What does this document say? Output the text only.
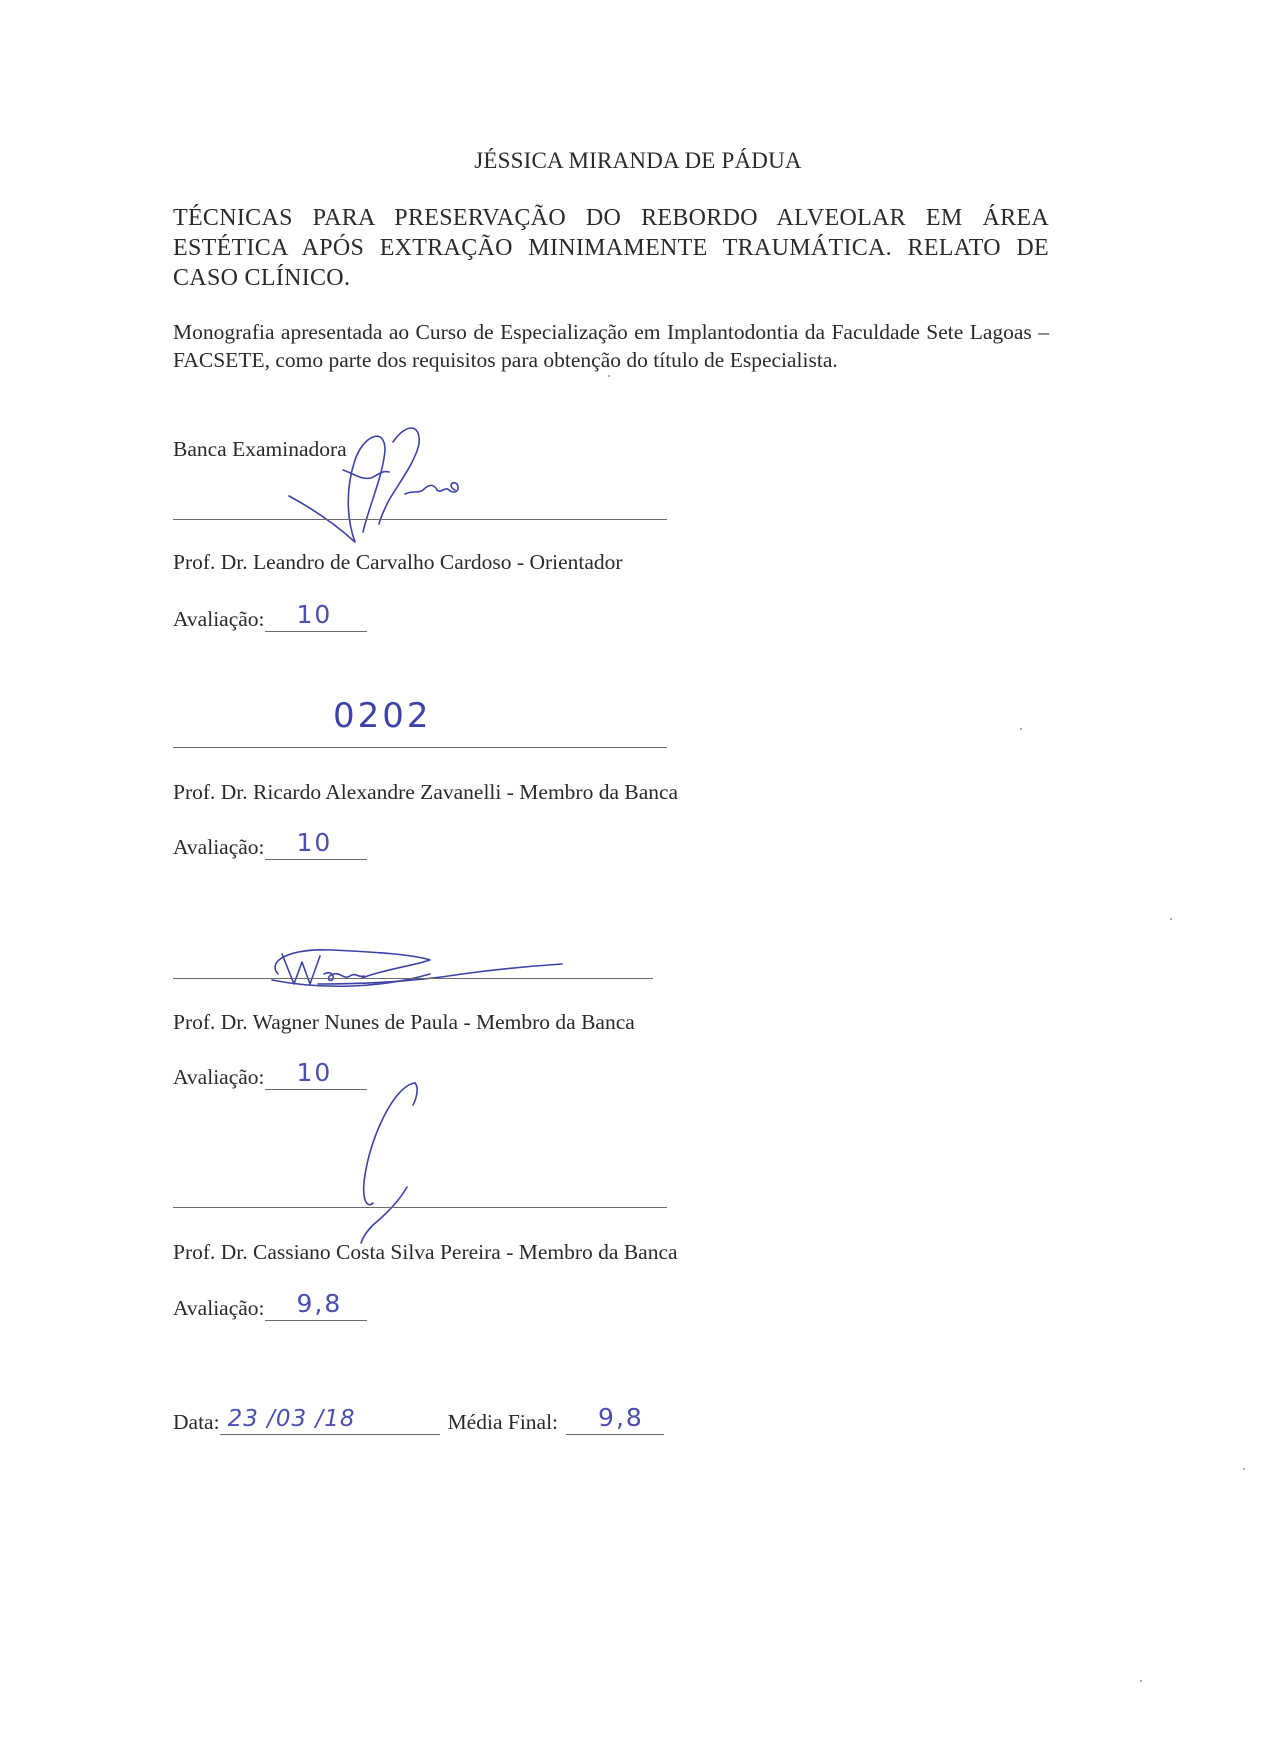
JÉSSICA MIRANDA DE PÁDUA
TÉCNICAS PARA PRESERVAÇÃO DO REBORDO ALVEOLAR EM ÁREA ESTÉTICA APÓS EXTRAÇÃO MINIMAMENTE TRAUMÁTICA. RELATO DE CASO CLÍNICO.
Monografia apresentada ao Curso de Especialização em Implantodontia da Faculdade Sete Lagoas – FACSETE, como parte dos requisitos para obtenção do título de Especialista.
Banca Examinadora
Prof. Dr. Leandro de Carvalho Cardoso - Orientador
Avaliação: 10
0202
Prof. Dr. Ricardo Alexandre Zavanelli - Membro da Banca
Avaliação: 10
Prof. Dr. Wagner Nunes de Paula - Membro da Banca
Avaliação: 10
Prof. Dr. Cassiano Costa Silva Pereira - Membro da Banca
Avaliação: 9,8
Data: 23 /03 /18	Média Final: 9,8
